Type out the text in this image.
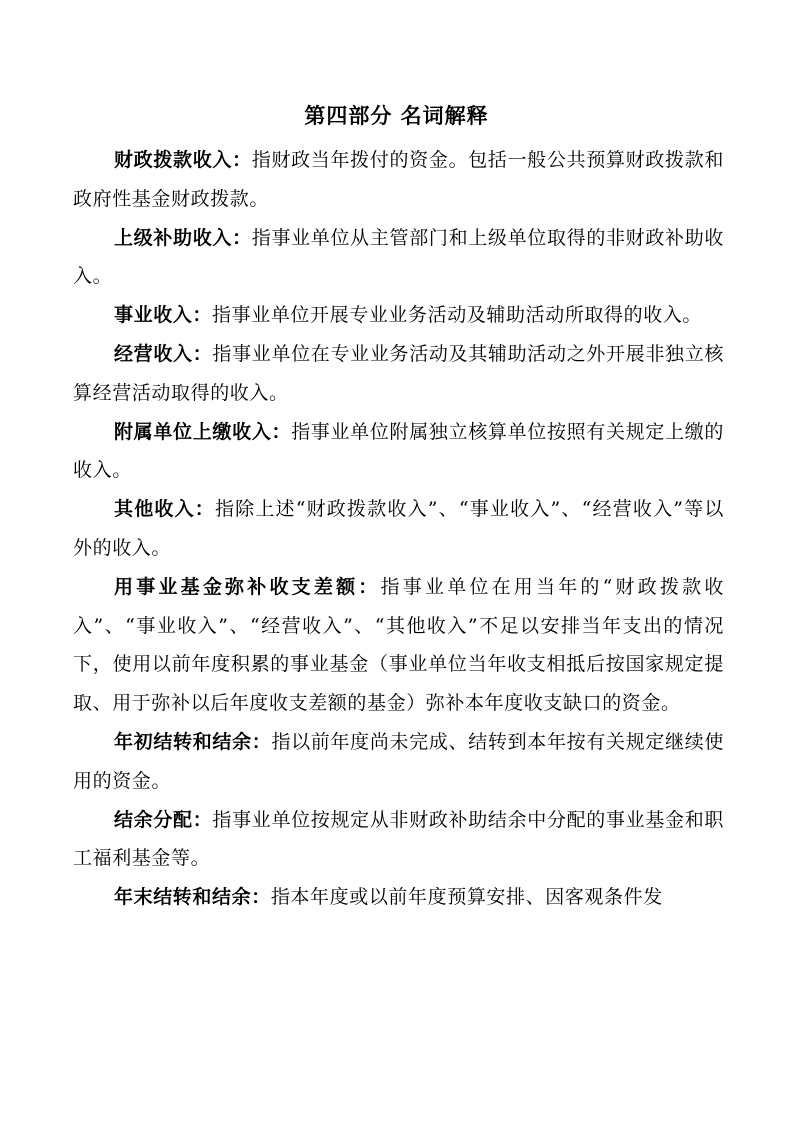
第四部分 名词解释

财政拨款收入：指财政当年拨付的资金。包括一般公共预算财政拨款和政府性基金财政拨款。

上级补助收入：指事业单位从主管部门和上级单位取得的非财政补助收入。

事业收入：指事业单位开展专业业务活动及辅助活动所取得的收入。

经营收入：指事业单位在专业业务活动及其辅助活动之外开展非独立核算经营活动取得的收入。

附属单位上缴收入：指事业单位附属独立核算单位按照有关规定上缴的收入。

其他收入：指除上述“财政拨款收入”、“事业收入”、“经营收入”等以外的收入。

用事业基金弥补收支差额：指事业单位在用当年的“财政拨款收入”、“事业收入”、“经营收入”、“其他收入”不足以安排当年支出的情况下，使用以前年度积累的事业基金（事业单位当年收支相抵后按国家规定提取、用于弥补以后年度收支差额的基金）弥补本年度收支缺口的资金。

年初结转和结余：指以前年度尚未完成、结转到本年按有关规定继续使用的资金。

结余分配：指事业单位按规定从非财政补助结余中分配的事业基金和职工福利基金等。

年末结转和结余：指本年度或以前年度预算安排、因客观条件发
